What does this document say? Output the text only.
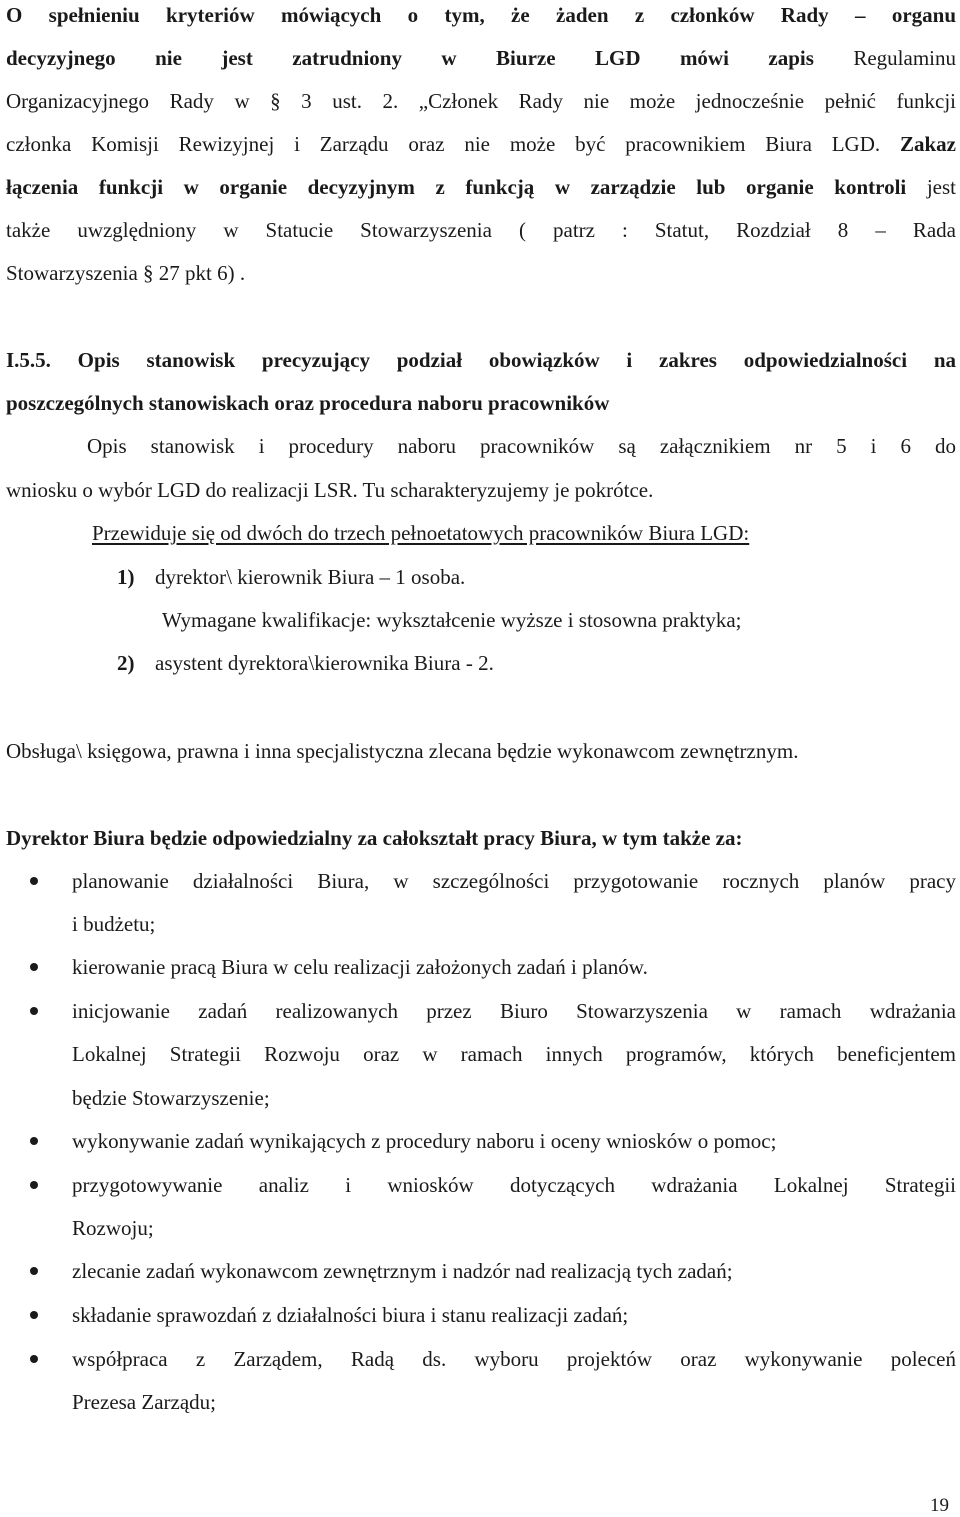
O spełnieniu kryteriów mówiących o tym, że żaden z członków Rady – organu
decyzyjnego nie jest zatrudniony w Biurze LGD mówi zapis Regulaminu
Organizacyjnego Rady w § 3 ust. 2. „Członek Rady nie może jednocześnie pełnić funkcji
członka Komisji Rewizyjnej i Zarządu oraz nie może być pracownikiem Biura LGD. Zakaz
łączenia funkcji w organie decyzyjnym z funkcją w zarządzie lub organie kontroli jest
także uwzględniony w Statucie Stowarzyszenia ( patrz : Statut, Rozdział 8 – Rada
Stowarzyszenia § 27 pkt 6) .
I.5.5. Opis stanowisk precyzujący podział obowiązków i zakres odpowiedzialności na
poszczególnych stanowiskach oraz procedura naboru pracowników
Opis stanowisk i procedury naboru pracowników są załącznikiem nr 5 i 6 do
wniosku o wybór LGD do realizacji LSR. Tu scharakteryzujemy je pokrótce.
Przewiduje się od dwóch do trzech pełnoetatowych pracowników Biura LGD:
1) dyrektor\ kierownik Biura – 1 osoba.
Wymagane kwalifikacje: wykształcenie wyższe i stosowna praktyka;
2) asystent dyrektora\kierownika Biura - 2.
Obsługa\ księgowa, prawna i inna specjalistyczna zlecana będzie wykonawcom zewnętrznym.
Dyrektor Biura będzie odpowiedzialny za całokształt pracy Biura, w tym także za:
planowanie działalności Biura, w szczególności przygotowanie rocznych planów pracy
i budżetu;
kierowanie pracą Biura w celu realizacji założonych zadań i planów.
inicjowanie zadań realizowanych przez Biuro Stowarzyszenia w ramach wdrażania
Lokalnej Strategii Rozwoju oraz w ramach innych programów, których beneficjentem
będzie Stowarzyszenie;
wykonywanie zadań wynikających z procedury naboru i oceny wniosków o pomoc;
przygotowywanie analiz i wniosków dotyczących wdrażania Lokalnej Strategii
Rozwoju;
zlecanie zadań wykonawcom zewnętrznym i nadzór nad realizacją tych zadań;
składanie sprawozdań z działalności biura i stanu realizacji zadań;
współpraca z Zarządem, Radą ds. wyboru projektów oraz wykonywanie poleceń
Prezesa Zarządu;
19
